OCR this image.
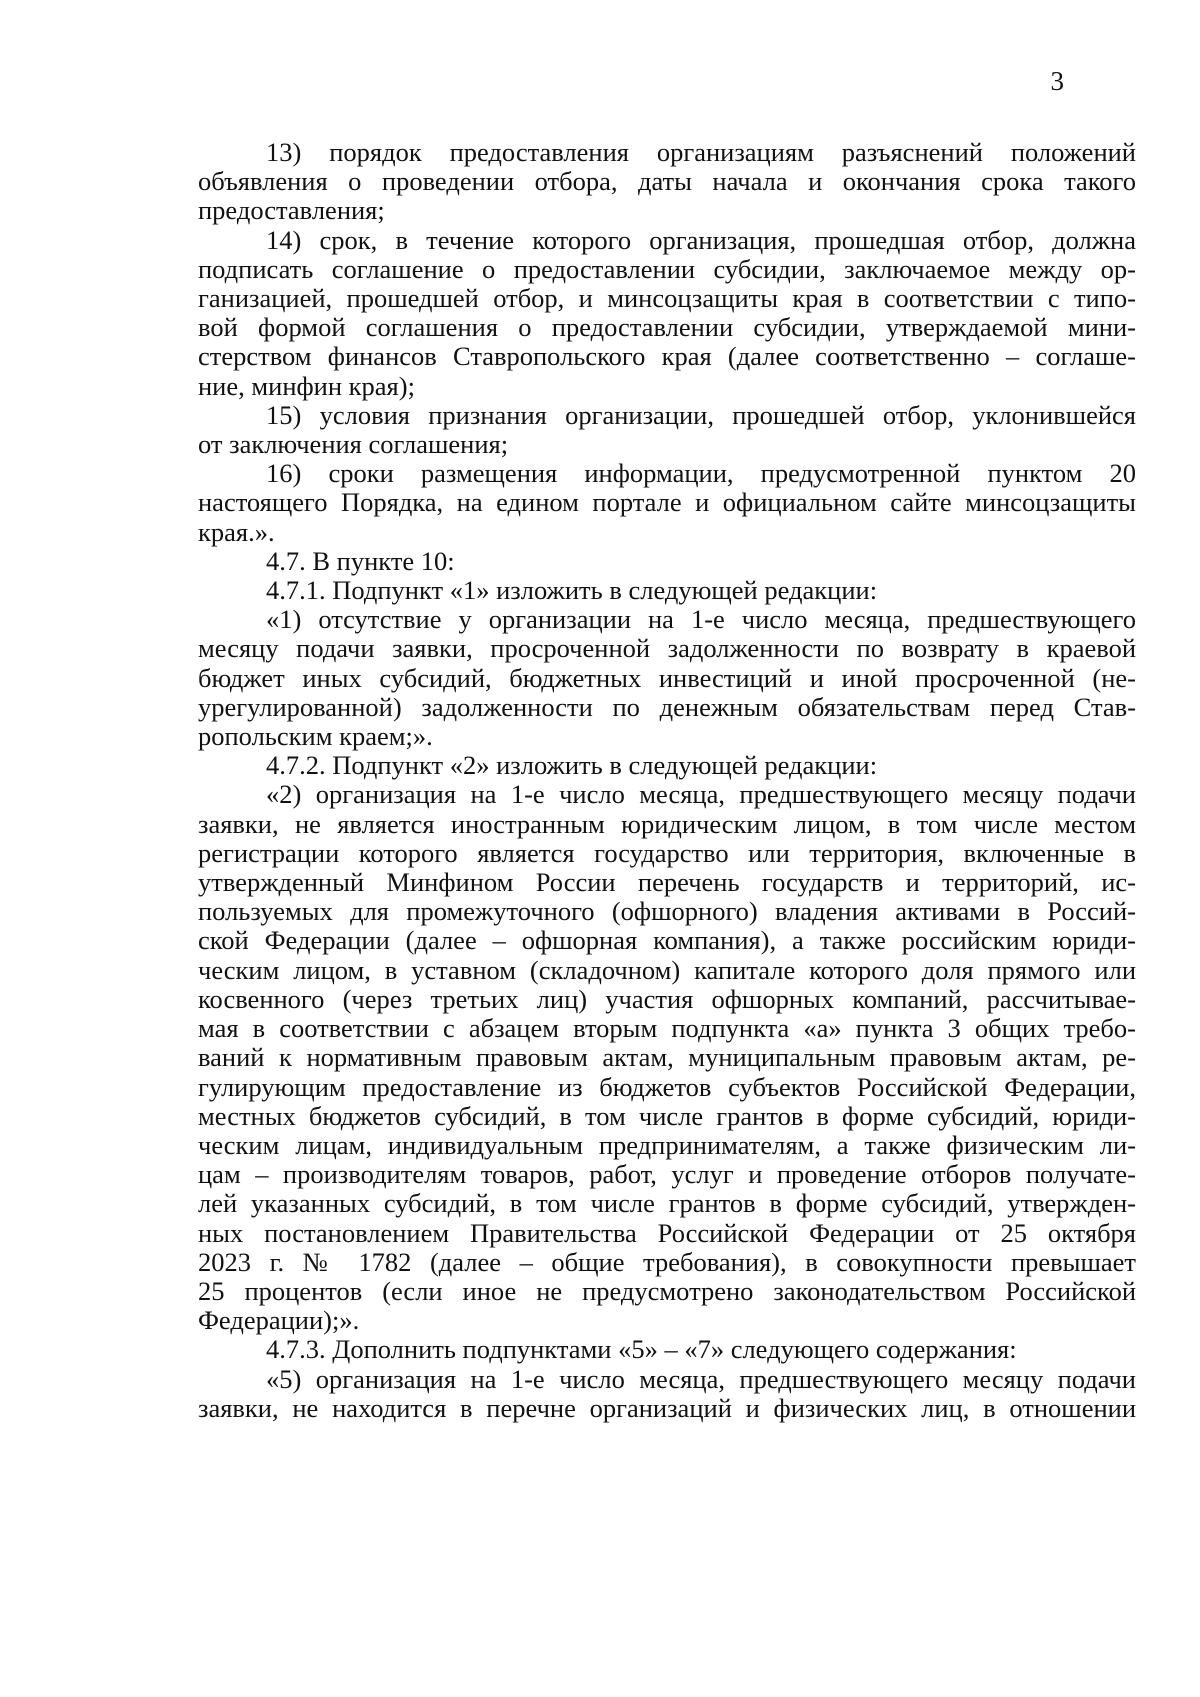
3
13) порядок предоставления организациям разъяснений положений
объявления о проведении отбора, даты начала и окончания срока такого
предоставления;
14) срок, в течение которого организация, прошедшая отбор, должна
подписать соглашение о предоставлении субсидии, заключаемое между ор-
ганизацией, прошедшей отбор, и минсоцзащиты края в соответствии с типо-
вой формой соглашения о предоставлении субсидии, утверждаемой мини-
стерством финансов Ставропольского края (далее соответственно – соглаше-
ние, минфин края);
15) условия признания организации, прошедшей отбор, уклонившейся
от заключения соглашения;
16) сроки размещения информации, предусмотренной пунктом 20
настоящего Порядка, на едином портале и официальном сайте минсоцзащиты
края.».
4.7. В пункте 10:
4.7.1. Подпункт «1» изложить в следующей редакции:
«1) отсутствие у организации на 1-е число месяца, предшествующего
месяцу подачи заявки, просроченной задолженности по возврату в краевой
бюджет иных субсидий, бюджетных инвестиций и иной просроченной (не-
урегулированной) задолженности по денежным обязательствам перед Став-
ропольским краем;».
4.7.2. Подпункт «2» изложить в следующей редакции:
«2) организация на 1-е число месяца, предшествующего месяцу подачи
заявки, не является иностранным юридическим лицом, в том числе местом
регистрации которого является государство или территория, включенные в
утвержденный Минфином России перечень государств и территорий, ис-
пользуемых для промежуточного (офшорного) владения активами в Россий-
ской Федерации (далее – офшорная компания), а также российским юриди-
ческим лицом, в уставном (складочном) капитале которого доля прямого или
косвенного (через третьих лиц) участия офшорных компаний, рассчитывае-
мая в соответствии с абзацем вторым подпункта «а» пункта 3 общих требо-
ваний к нормативным правовым актам, муниципальным правовым актам, ре-
гулирующим предоставление из бюджетов субъектов Российской Федерации,
местных бюджетов субсидий, в том числе грантов в форме субсидий, юриди-
ческим лицам, индивидуальным предпринимателям, а также физическим ли-
цам – производителям товаров, работ, услуг и проведение отборов получате-
лей указанных субсидий, в том числе грантов в форме субсидий, утвержден-
ных постановлением Правительства Российской Федерации от 25 октября
2023 г. № 1782 (далее – общие требования), в совокупности превышает
25 процентов (если иное не предусмотрено законодательством Российской
Федерации);».
4.7.3. Дополнить подпунктами «5» – «7» следующего содержания:
«5) организация на 1-е число месяца, предшествующего месяцу подачи
заявки, не находится в перечне организаций и физических лиц, в отношении
